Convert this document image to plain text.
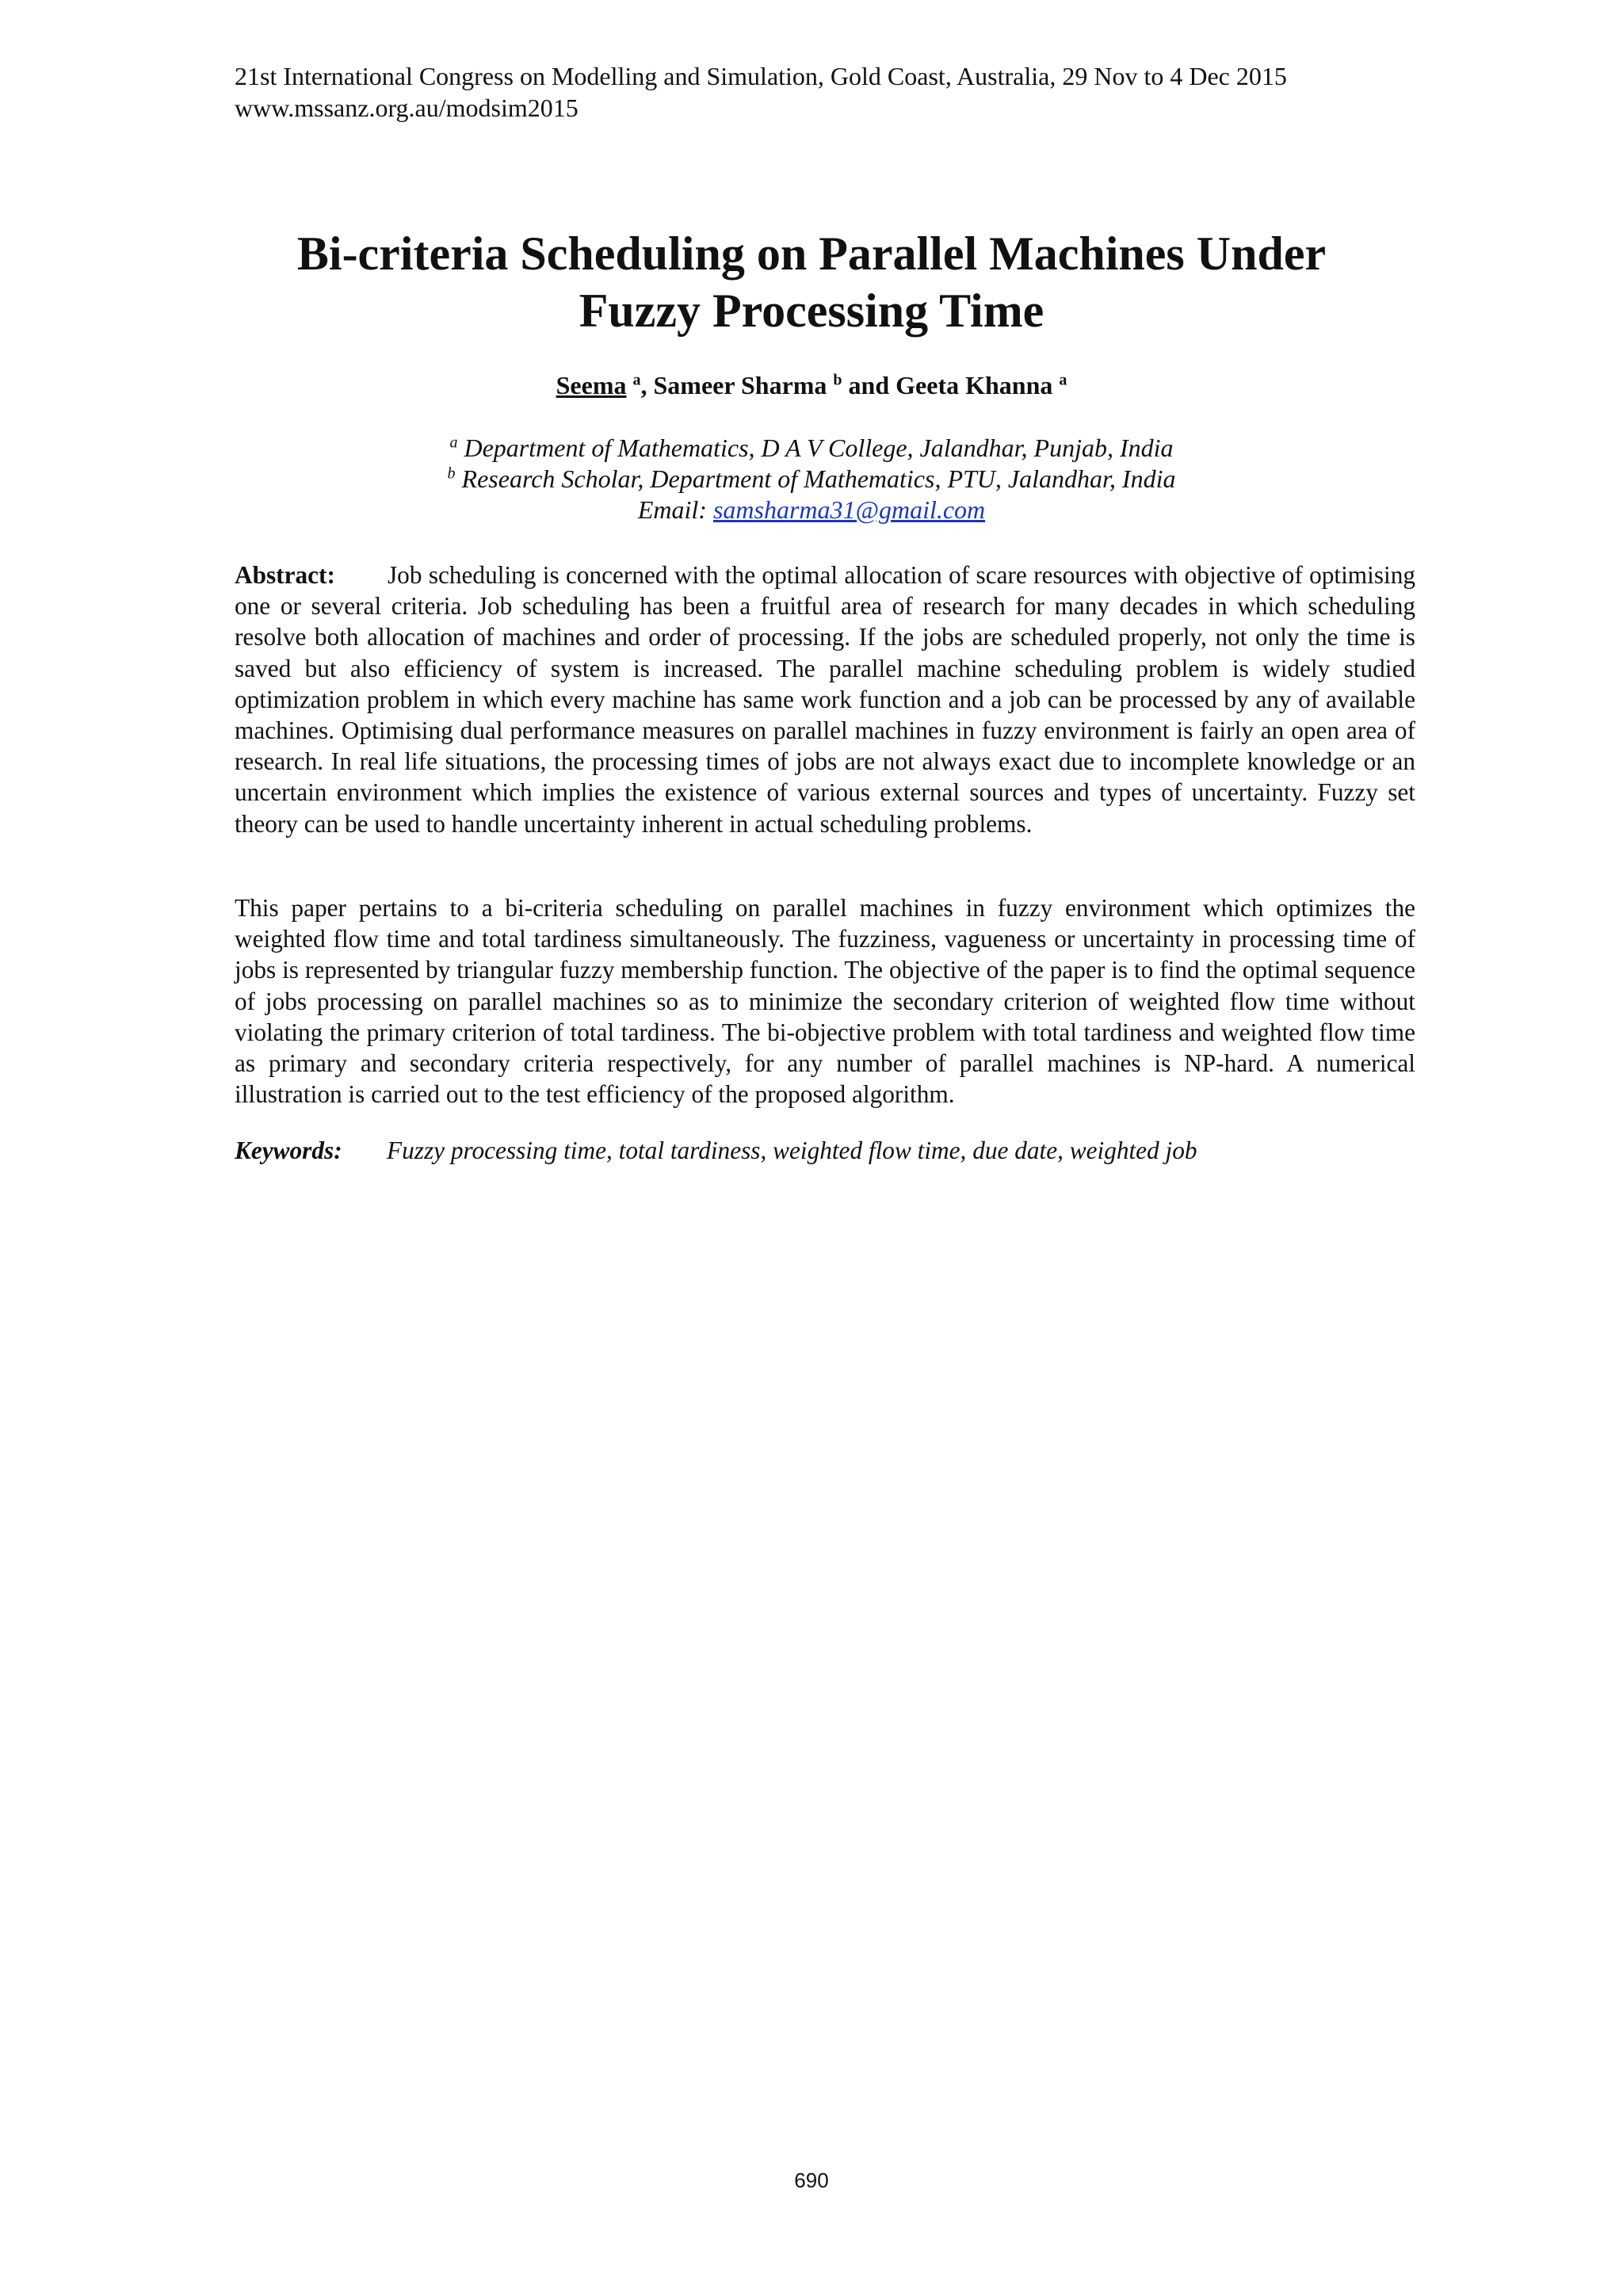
21st International Congress on Modelling and Simulation, Gold Coast, Australia, 29 Nov to 4 Dec 2015
www.mssanz.org.au/modsim2015
Bi-criteria Scheduling on Parallel Machines Under
Fuzzy Processing Time
Seema $^a$, Sameer Sharma $^b$ and Geeta Khanna $^a$
$^a$ Department of Mathematics, D A V College, Jalandhar, Punjab, India
$^b$ Research Scholar, Department of Mathematics, PTU, Jalandhar, India
Email: samsharma31@gmail.com
Abstract: Job scheduling is concerned with the optimal allocation of scare resources with objective of optimising one or several criteria. Job scheduling has been a fruitful area of research for many decades in which scheduling resolve both allocation of machines and order of processing. If the jobs are scheduled properly, not only the time is saved but also efficiency of system is increased. The parallel machine scheduling problem is widely studied optimization problem in which every machine has same work function and a job can be processed by any of available machines. Optimising dual performance measures on parallel machines in fuzzy environment is fairly an open area of research. In real life situations, the processing times of jobs are not always exact due to incomplete knowledge or an uncertain environment which implies the existence of various external sources and types of uncertainty. Fuzzy set theory can be used to handle uncertainty inherent in actual scheduling problems.
This paper pertains to a bi-criteria scheduling on parallel machines in fuzzy environment which optimizes the weighted flow time and total tardiness simultaneously. The fuzziness, vagueness or uncertainty in processing time of jobs is represented by triangular fuzzy membership function. The objective of the paper is to find the optimal sequence of jobs processing on parallel machines so as to minimize the secondary criterion of weighted flow time without violating the primary criterion of total tardiness. The bi-objective problem with total tardiness and weighted flow time as primary and secondary criteria respectively, for any number of parallel machines is NP-hard. A numerical illustration is carried out to the test efficiency of the proposed algorithm.
Keywords: Fuzzy processing time, total tardiness, weighted flow time, due date, weighted job
690
